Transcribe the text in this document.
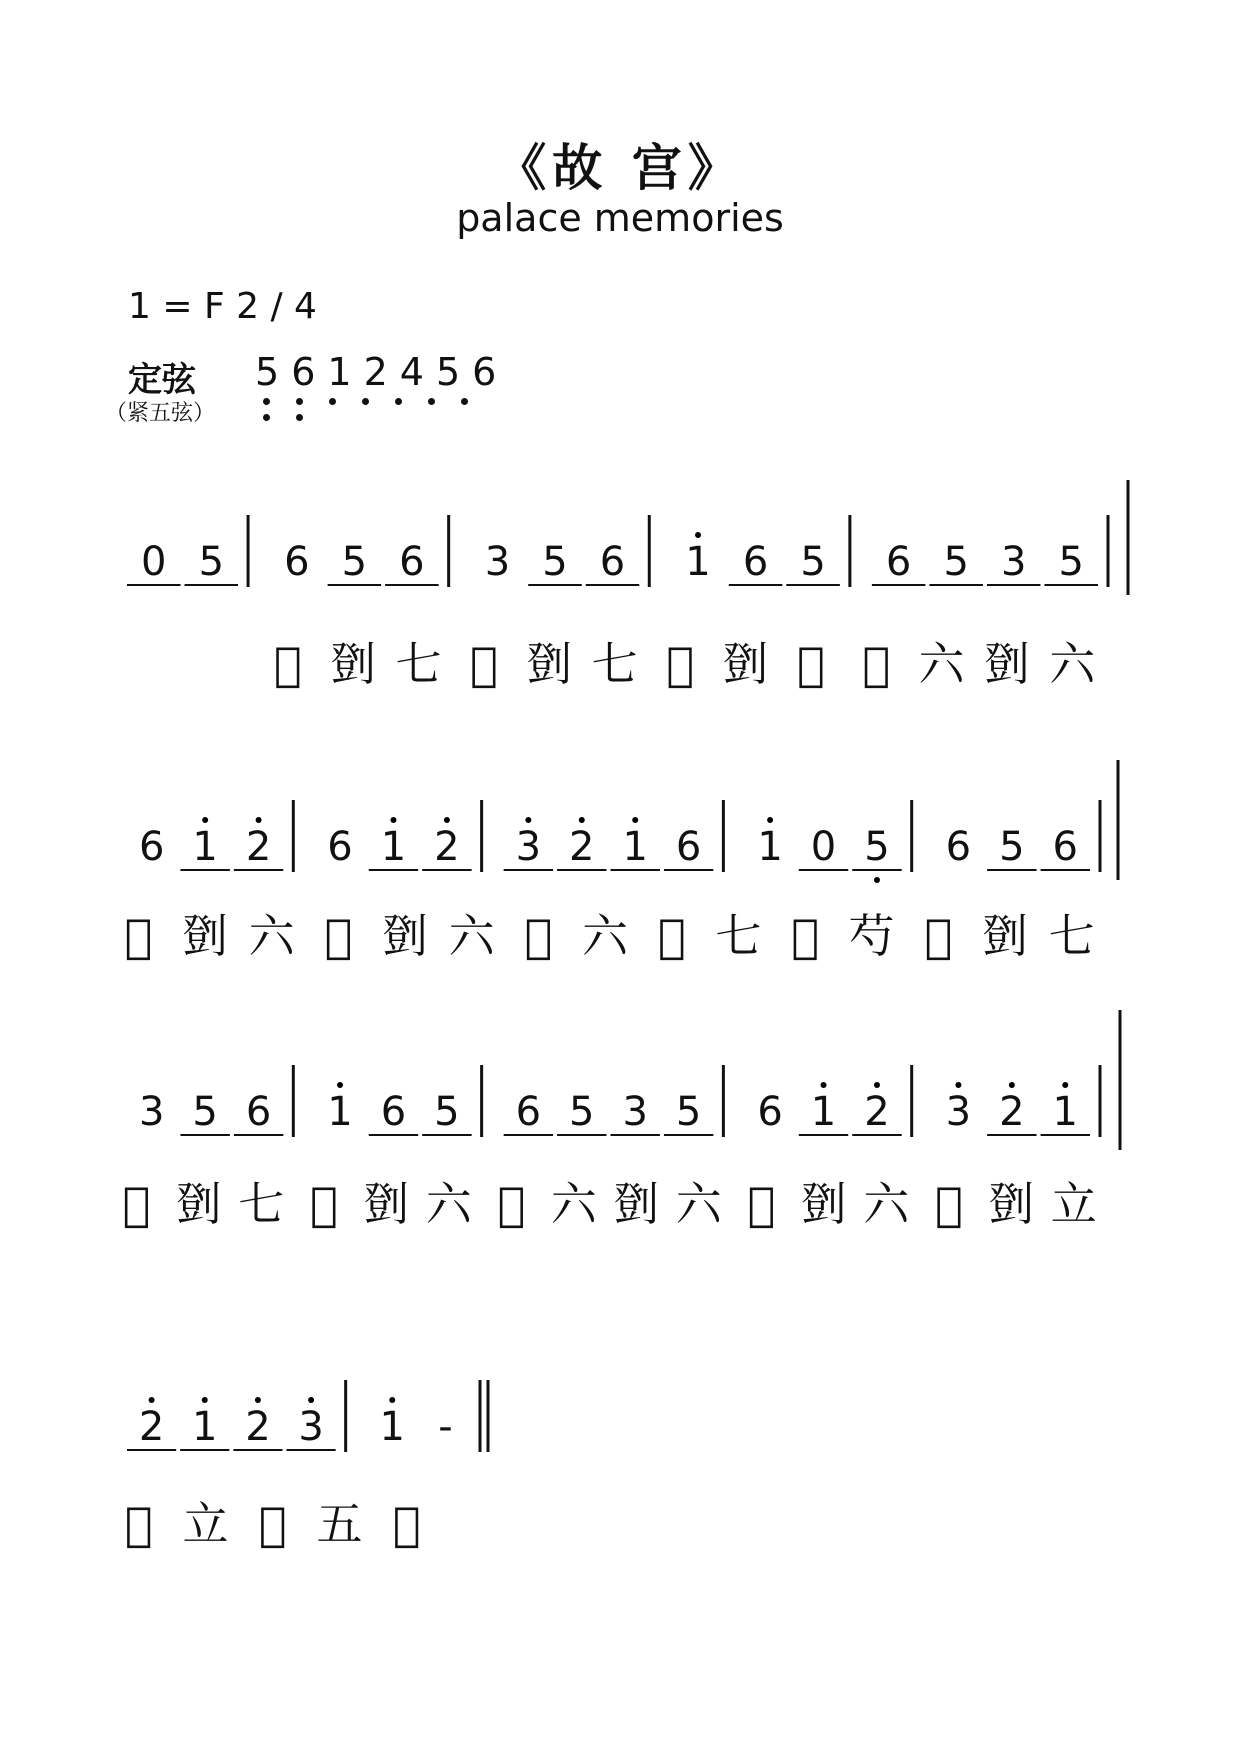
《故 宫》
palace memories
1 = F 2 / 4
定弦
（紧五弦）
5612456
0 5 6 5 6 3 5 6 1 6 5 6 5 3 5
𫟃 㔁 七 𫟃 㔁 七 𫟃 㔁 𫟃 𫟃 六 㔁 六
6 1 2 6 1 2 3 2 1 6 1 0 5 6 5 6
𫟃 㔁 六 𫟃 㔁 六 𫟃 六 𫟃 七 𫟃 芍 𫟃 㔁 七
3 5 6 1 6 5 6 5 3 5 6 1 2 3 2 1
𫟃 㔁 七 𫟃 㔁 六 𫟃 六 㔁 六 𫟃 㔁 六 𫟃 㔁 立
2 1 2 3 1 -
𫟃 立 𫟃 五 𫟃
